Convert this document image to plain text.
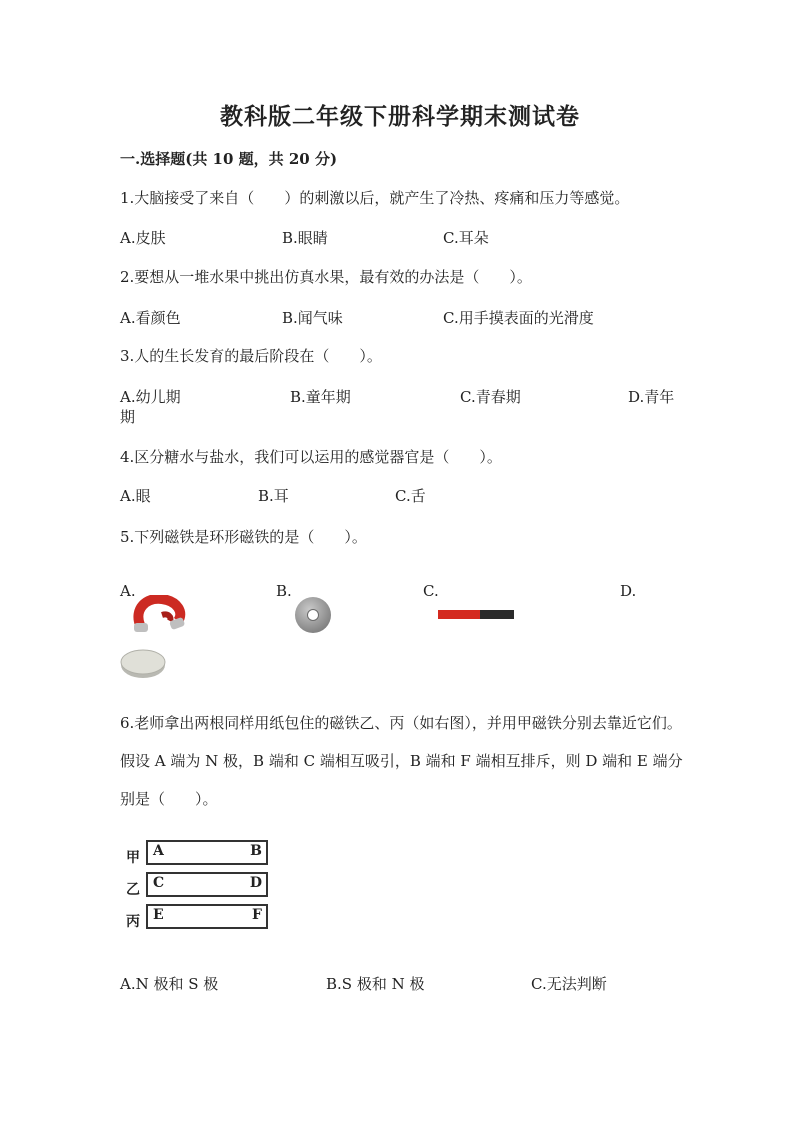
教科版二年级下册科学期末测试卷
一.选择题(共 10 题，共 20 分)
1.大脑接受了来自（　　）的刺激以后，就产生了冷热、疼痛和压力等感觉。
A.皮肤	B.眼睛	C.耳朵
2.要想从一堆水果中挑出仿真水果，最有效的办法是（　　）。
A.看颜色	B.闻气味	C.用手摸表面的光滑度
3.人的生长发育的最后阶段在（　　）。
A.幼儿期	B.童年期	C.青春期	D.青年
期
4.区分糖水与盐水，我们可以运用的感觉器官是（　　）。
A.眼	B.耳	C.舌
5.下列磁铁是环形磁铁的是（　　）。
A.	B.	C.	D.
6.老师拿出两根同样用纸包住的磁铁乙、丙（如右图），并用甲磁铁分别去靠近它们。假设 A 端为 N 极，B 端和 C 端相互吸引，B 端和 F 端相互排斥，则 D 端和 E 端分别是（　　）。
甲 A	B
乙 C	D
丙 E	F
A.N 极和 S 极	B.S 极和 N 极	C.无法判断
